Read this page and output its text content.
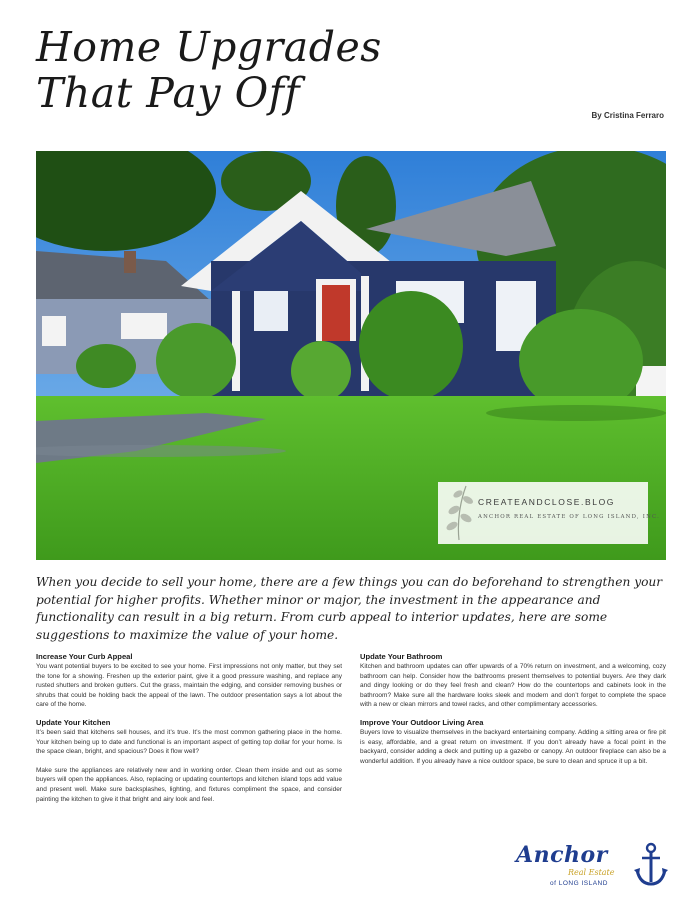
Home Upgrades
That Pay Off	By Cristina Ferraro
CREATEANDCLOSE.BLOG
ANCHOR REAL ESTATE OF LONG ISLAND, INC.

When you decide to sell your home, there are a few things you can do beforehand to strengthen your potential for higher profits. Whether minor or major, the investment in the appearance and functionality can result in a big return. From curb appeal to interior updates, here are some suggestions to maximize the value of your home.

Increase Your Curb Appeal

You want potential buyers to be excited to see your home. First impressions not only matter, but they set the tone for a showing. Freshen up the exterior paint, give it a good pressure washing, and replace any rusted shutters and broken gutters. Cut the grass, maintain the edging, and consider removing bushes or shrubs that could be holding back the appeal of the lawn. The outdoor presentation says a lot about the care of the home.

Update Your Kitchen

It’s been said that kitchens sell houses, and it’s true. It’s the most common gathering place in the home. Your kitchen being up to date and functional is an important aspect of getting top dollar for your home. Is the space clean, bright, and spacious? Does it flow well?

Make sure the appliances are relatively new and in working order. Clean them inside and out as some buyers will open the appliances. Also, replacing or updating countertops and kitchen island tops add value and present well. Make sure backsplashes, lighting, and fixtures compliment the space, and consider painting the kitchen to give it that bright and airy look and feel.

Update Your Bathroom

Kitchen and bathroom updates can offer upwards of a 70% return on investment, and a welcoming, cozy bathroom can help. Consider how the bathrooms present themselves to potential buyers. Are they dark and dingy looking or do they feel fresh and clean? How do the countertops and cabinets look in the bathroom? Make sure all the hardware looks sleek and modern and don’t forget to complete the space with a new or clean mirrors and towel racks, and other complimentary accessories.

Improve Your Outdoor Living Area

Buyers love to visualize themselves in the backyard entertaining company. Adding a sitting area or fire pit is easy, affordable, and a great return on investment. If you don’t already have a focal point in the backyard, consider adding a deck and putting up a gazebo or canopy. An outdoor fireplace can also be a wonderful addition. If you already have a nice outdoor space, be sure to clean and spruce it up a bit.

Anchor
Real Estate
of LONG ISLAND
